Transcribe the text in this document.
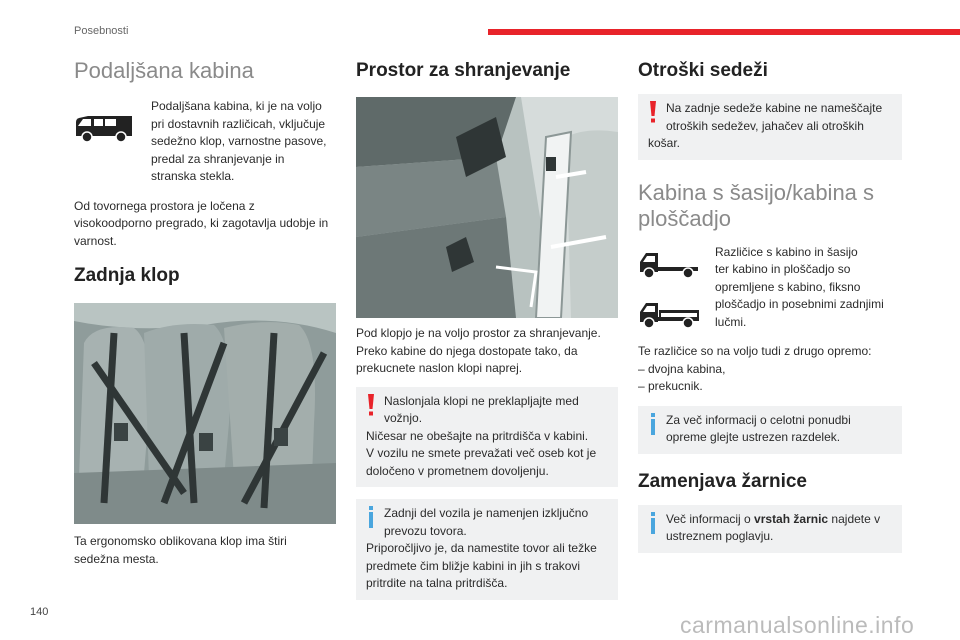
Posebnosti
140	carmanualsonline.info
Podaljšana kabina
Podaljšana kabina, ki je na voljo
pri dostavnih različicah, vključuje
sedežno klop, varnostne pasove,
predal za shranjevanje in
stranska stekla.
Od tovornega prostora je ločena z
visokoodporno pregrado, ki zagotavlja udobje in
varnost.
Zadnja klop
Ta ergonomsko oblikovana klop ima štiri
sedežna mesta.
Prostor za shranjevanje
Pod klopjo je na voljo prostor za shranjevanje.
Preko kabine do njega dostopate tako, da
prekucnete naslon klopi naprej.
Naslonjala klopi ne preklapljajte med
vožnjo.
Ničesar ne obešajte na pritrdišča v kabini.
V vozilu ne smete prevažati več oseb kot je
določeno v prometnem dovoljenju.
Zadnji del vozila je namenjen izključno
prevozu tovora.
Priporočljivo je, da namestite tovor ali težke
predmete čim bližje kabini in jih s trakovi
pritrdite na talna pritrdišča.
Otroški sedeži
Na zadnje sedeže kabine ne nameščajte
otroških sedežev, jahačev ali otroških
košar.
Kabina s šasijo/kabina s
ploščadjo
Različice s kabino in šasijo
ter kabino in ploščadjo so
opremljene s kabino, fiksno
ploščadjo in posebnimi zadnjimi
lučmi.
Te različice so na voljo tudi z drugo opremo:
– dvojna kabina,
– prekucnik.
Za več informacij o celotni ponudbi
opreme glejte ustrezen razdelek.
Zamenjava žarnice
Več informacij o vrstah žarnic najdete v
ustreznem poglavju.
